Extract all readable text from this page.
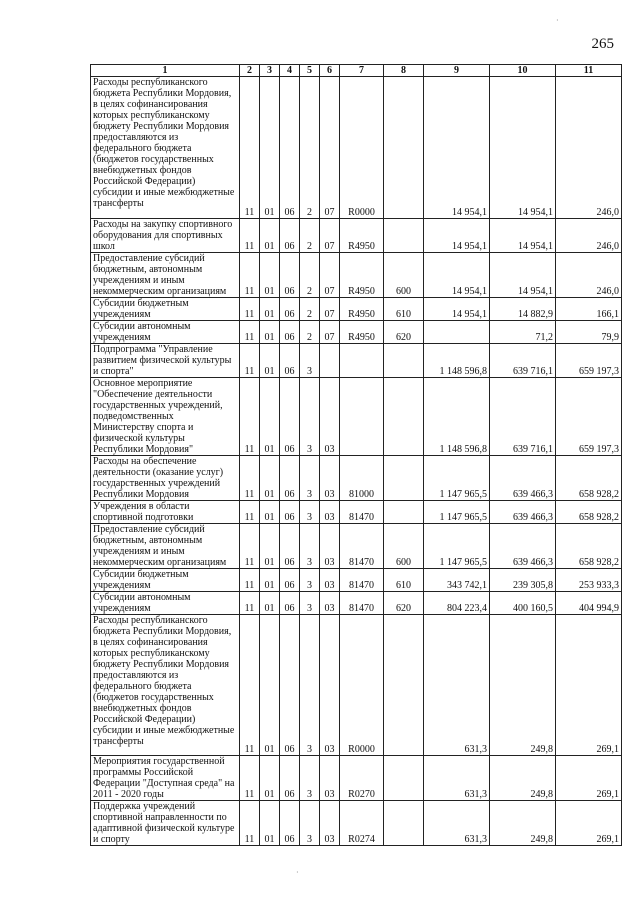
265
·
·
1	2	3	4	5	6	7	8	9	10	11
Расходы республиканского бюджета Республики Мордовия, в целях софинансирования которых республиканскому бюджету Республики Мордовия предоставляются из федерального бюджета (бюджетов государственных внебюджетных фондов Российской Федерации) субсидии и иные межбюджетные трансферты	11	01	06	2	07	R0000		14 954,1	14 954,1	246,0
Расходы на закупку спортивного оборудования для спортивных школ	11	01	06	2	07	R4950		14 954,1	14 954,1	246,0
Предоставление субсидий бюджетным, автономным учреждениям и иным некоммерческим организациям	11	01	06	2	07	R4950	600	14 954,1	14 954,1	246,0
Субсидии бюджетным учреждениям	11	01	06	2	07	R4950	610	14 954,1	14 882,9	166,1
Субсидии автономным учреждениям	11	01	06	2	07	R4950	620		71,2	79,9
Подпрограмма "Управление развитием физической культуры и спорта"	11	01	06	3				1 148 596,8	639 716,1	659 197,3
Основное мероприятие "Обеспечение деятельности государственных учреждений, подведомственных Министерству спорта и физической культуры Республики Мордовия"	11	01	06	3	03			1 148 596,8	639 716,1	659 197,3
Расходы на обеспечение деятельности (оказание услуг) государственных учреждений Республики Мордовия	11	01	06	3	03	81000		1 147 965,5	639 466,3	658 928,2
Учреждения в области спортивной подготовки	11	01	06	3	03	81470		1 147 965,5	639 466,3	658 928,2
Предоставление субсидий бюджетным, автономным учреждениям и иным некоммерческим организациям	11	01	06	3	03	81470	600	1 147 965,5	639 466,3	658 928,2
Субсидии бюджетным учреждениям	11	01	06	3	03	81470	610	343 742,1	239 305,8	253 933,3
Субсидии автономным учреждениям	11	01	06	3	03	81470	620	804 223,4	400 160,5	404 994,9
Расходы республиканского бюджета Республики Мордовия, в целях софинансирования которых республиканскому бюджету Республики Мордовия предоставляются из федерального бюджета (бюджетов государственных внебюджетных фондов Российской Федерации) субсидии и иные межбюджетные трансферты	11	01	06	3	03	R0000		631,3	249,8	269,1
Мероприятия государственной программы Российской Федерации "Доступная среда" на 2011 - 2020 годы	11	01	06	3	03	R0270		631,3	249,8	269,1
Поддержка учреждений спортивной направленности по адаптивной физической культуре и спорту	11	01	06	3	03	R0274		631,3	249,8	269,1
